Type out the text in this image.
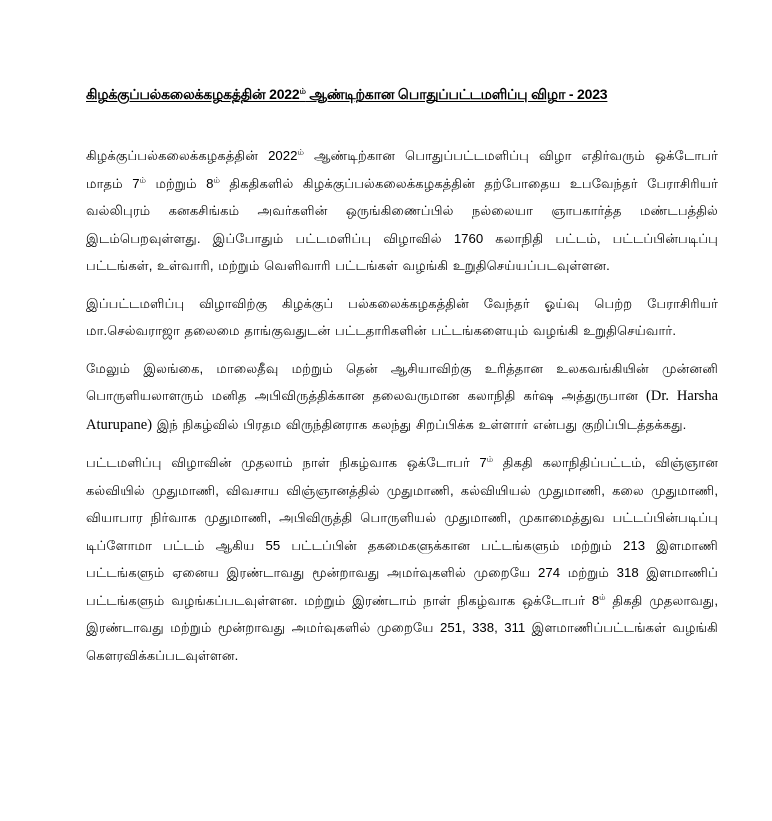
கிழக்குப்பல்கலைக்கழகத்தின் $2022^{ம்}$ ஆண்டிற்கான பொதுப்பட்டமளிப்பு விழா - 2023

கிழக்குப்பல்கலைக்கழகத்தின் $2022^{ம்}$ ஆண்டிற்கான பொதுப்பட்டமளிப்பு விழா எதிர்வரும் ஒக்டோபர் மாதம் $7^{ம்}$ மற்றும் $8^{ம்}$ திகதிகளில் கிழக்குப்பல்கலைக்கழகத்தின் தற்போதைய உபவேந்தர் பேராசிரியர் வல்லிபுரம் கனகசிங்கம் அவர்களின் ஒருங்கிணைப்பில் நல்லையா ஞாபகார்த்த மண்டபத்தில் இடம்பெறவுள்ளது. இப்போதும் பட்டமளிப்பு விழாவில் 1760 கலாநிதி பட்டம், பட்டப்பின்படிப்பு பட்டங்கள், உள்வாரி, மற்றும் வெளிவாரி பட்டங்கள் வழங்கி உறுதிசெய்யப்படவுள்ளன.

இப்பட்டமளிப்பு விழாவிற்கு கிழக்குப் பல்கலைக்கழகத்தின் வேந்தர் ஓய்வு பெற்ற பேராசிரியர் மா.செல்வராஜா தலைமை தாங்குவதுடன் பட்டதாரிகளின் பட்டங்களையும் வழங்கி உறுதிசெய்வார்.

மேலும் இலங்கை, மாலைதீவு மற்றும் தென் ஆசியாவிற்கு உரித்தான உலகவங்கியின் முன்னனி பொருளியலாளரும் மனித அபிவிருத்திக்கான தலைவருமான கலாநிதி கர்ஷ அத்துருபான (Dr. Harsha Aturupane) இந் நிகழ்வில் பிரதம விருந்தினராக கலந்து சிறப்பிக்க உள்ளார் என்பது குறிப்பிடத்தக்கது.

பட்டமளிப்பு விழாவின் முதலாம் நாள் நிகழ்வாக ஒக்டோபர் $7^{ம்}$ திகதி கலாநிதிப்பட்டம், விஞ்ஞான கல்வியில் முதுமாணி, விவசாய விஞ்ஞானத்தில் முதுமாணி, கல்வியியல் முதுமாணி, கலை முதுமாணி, வியாபார நிர்வாக முதுமாணி, அபிவிருத்தி பொருளியல் முதுமாணி, முகாமைத்துவ பட்டப்பின்படிப்பு டிப்ளோமா பட்டம் ஆகிய 55 பட்டப்பின் தகமைகளுக்கான பட்டங்களும் மற்றும் 213 இளமாணி பட்டங்களும் ஏனைய இரண்டாவது மூன்றாவது அமர்வுகளில் முறையே 274 மற்றும் 318 இளமாணிப் பட்டங்களும் வழங்கப்படவுள்ளன. மற்றும் இரண்டாம் நாள் நிகழ்வாக ஒக்டோபர் $8^{ம்}$ திகதி முதலாவது, இரண்டாவது மற்றும் மூன்றாவது அமர்வுகளில் முறையே 251, 338, 311 இளமாணிப்பட்டங்கள் வழங்கி கௌரவிக்கப்படவுள்ளன.
